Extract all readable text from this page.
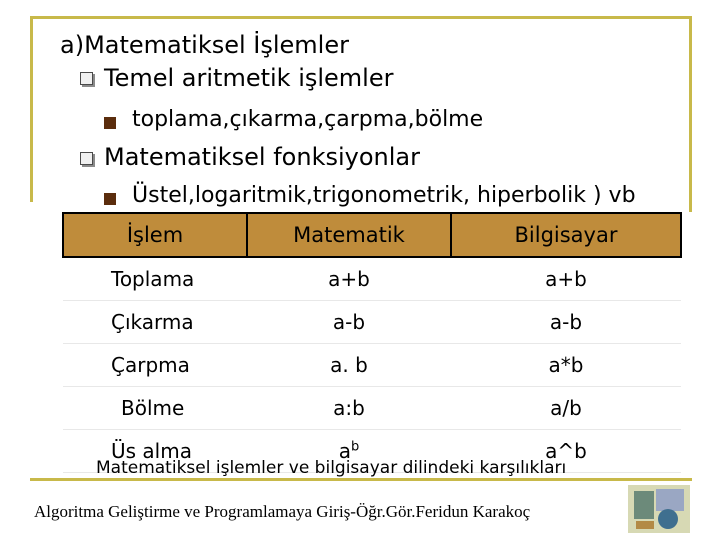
a)Matematiksel İşlemler
Temel aritmetik işlemler
toplama,çıkarma,çarpma,bölme
Matematiksel fonksiyonlar
Üstel,logaritmik,trigonometrik, hiperbolik ) vb
İşlem	Matematik	Bilgisayar
Toplama	a+b	a+b
Çıkarma	a-b	a-b
Çarpma	a. b	a*b
Bölme	a:b	a/b
Üs alma	$a^b$	a^b
Matematiksel işlemler ve bilgisayar dilindeki karşılıkları
Algoritma Geliştirme ve Programlamaya Giriş-Öğr.Gör.Feridun Karakoç
